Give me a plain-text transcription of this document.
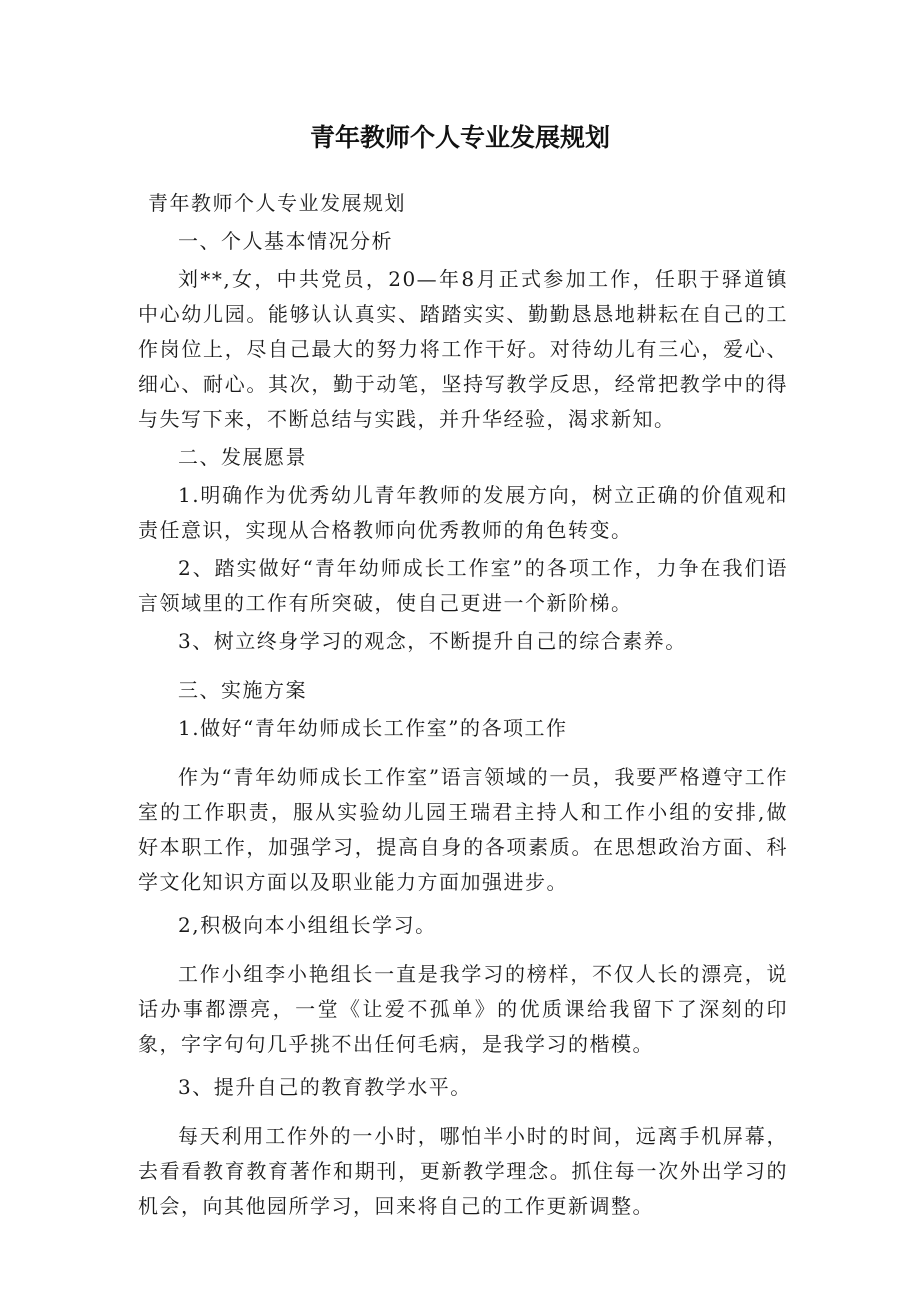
青年教师个人专业发展规划

青年教师个人专业发展规划

一、个人基本情况分析

刘**,女，中共党员，20—年8月正式参加工作，任职于驿道镇中心幼儿园。能够认认真实、踏踏实实、勤勤恳恳地耕耘在自己的工作岗位上，尽自己最大的努力将工作干好。对待幼儿有三心，爱心、细心、耐心。其次，勤于动笔，坚持写教学反思，经常把教学中的得与失写下来，不断总结与实践，并升华经验，渴求新知。

二、发展愿景

1.明确作为优秀幼儿青年教师的发展方向，树立正确的价值观和责任意识，实现从合格教师向优秀教师的角色转变。

2、踏实做好“青年幼师成长工作室”的各项工作，力争在我们语言领域里的工作有所突破，使自己更进一个新阶梯。

3、树立终身学习的观念，不断提升自己的综合素养。

三、实施方案

1.做好“青年幼师成长工作室”的各项工作

作为“青年幼师成长工作室”语言领域的一员，我要严格遵守工作室的工作职责，服从实验幼儿园王瑞君主持人和工作小组的安排,做好本职工作，加强学习，提高自身的各项素质。在思想政治方面、科学文化知识方面以及职业能力方面加强进步。

2,积极向本小组组长学习。

工作小组李小艳组长一直是我学习的榜样，不仅人长的漂亮，说话办事都漂亮，一堂《让爱不孤单》的优质课给我留下了深刻的印象，字字句句几乎挑不出任何毛病，是我学习的楷模。

3、提升自己的教育教学水平。

每天利用工作外的一小时，哪怕半小时的时间，远离手机屏幕，去看看教育教育著作和期刊，更新教学理念。抓住每一次外出学习的机会，向其他园所学习，回来将自己的工作更新调整。
